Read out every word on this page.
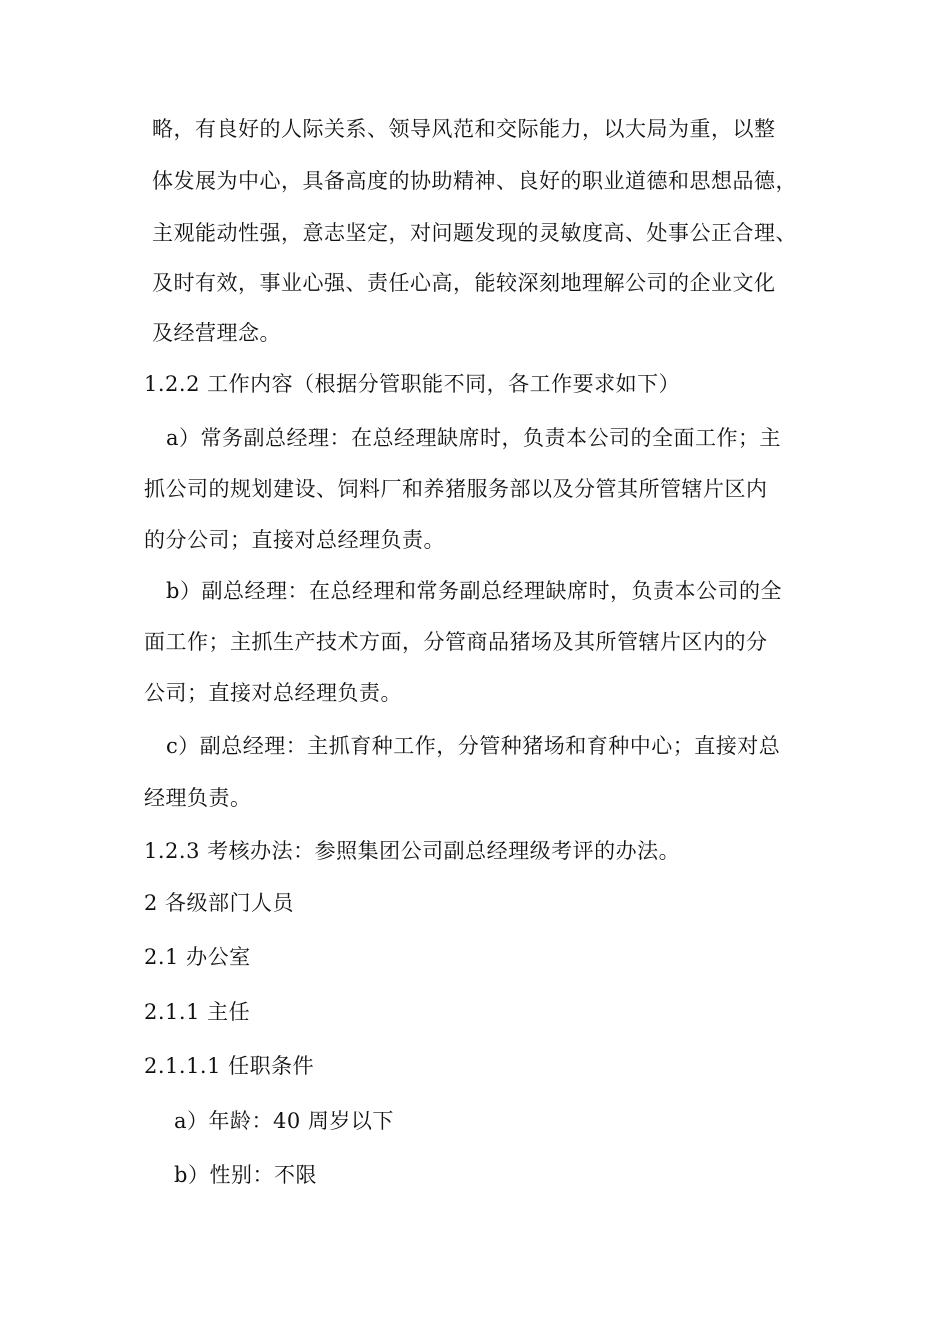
略，有良好的人际关系、领导风范和交际能力，以大局为重，以整
体发展为中心，具备高度的协助精神、良好的职业道德和思想品德，
主观能动性强，意志坚定，对问题发现的灵敏度高、处事公正合理、
及时有效，事业心强、责任心高，能较深刻地理解公司的企业文化
及经营理念。
1.2.2 工作内容（根据分管职能不同，各工作要求如下）
a）常务副总经理：在总经理缺席时，负责本公司的全面工作；主
抓公司的规划建设、饲料厂和养猪服务部以及分管其所管辖片区内
的分公司；直接对总经理负责。
b）副总经理：在总经理和常务副总经理缺席时，负责本公司的全
面工作；主抓生产技术方面，分管商品猪场及其所管辖片区内的分
公司；直接对总经理负责。
c）副总经理：主抓育种工作，分管种猪场和育种中心；直接对总
经理负责。
1.2.3 考核办法：参照集团公司副总经理级考评的办法。
2 各级部门人员
2.1 办公室
2.1.1 主任
2.1.1.1 任职条件
a）年龄：40 周岁以下
b）性别：不限
